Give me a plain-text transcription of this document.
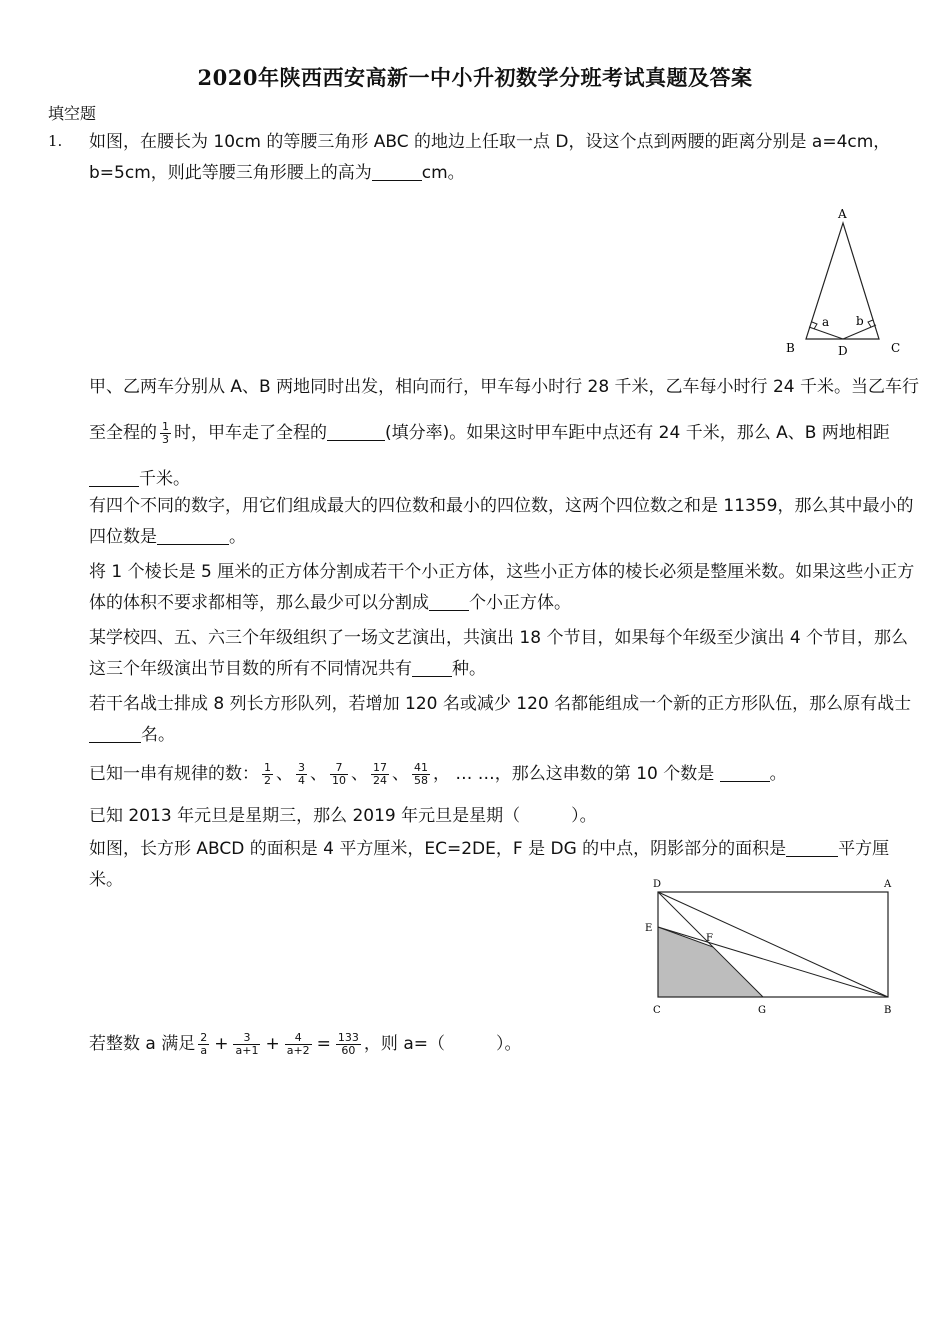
2020年陕西西安高新一中小升初数学分班考试真题及答案
填空题
1. 如图，在腰长为 10cm 的等腰三角形 ABC 的地边上任取一点 D，设这个点到两腰的距离分别是 a=4cm，b=5cm，则此等腰三角形腰上的高为	cm。
A
B	D	C
a b
甲、乙两车分别从 A、B 两地同时出发，相向而行，甲车每小时行 28 千米，乙车每小时行 24 千米。当乙车行至全程的 $\frac{1}{3}$ 时，甲车走了全程的	(填分率)。如果这时甲车距中点还有 24 千米，那么 A、B 两地相距千米。
有四个不同的数字，用它们组成最大的四位数和最小的四位数，这两个四位数之和是 11359，那么其中最小的四位数是	。
将 1 个棱长是 5 厘米的正方体分割成若干个小正方体，这些小正方体的棱长必须是整厘米数。如果这些小正方体的体积不要求都相等，那么最少可以分割成 个小正方体。
某学校四、五、六三个年级组织了一场文艺演出，共演出 18 个节目，如果每个年级至少演出 4 个节目，那么这三个年级演出节目数的所有不同情况共有 种。
若干名战士排成 8 列长方形队列，若增加 120 名或减少 120 名都能组成一个新的正方形队伍，那么原有战士名。
已知一串有规律的数： $\frac{1}{2}$ 、 $\frac{3}{4}$ 、 $\frac{7}{10}$ 、 $\frac{17}{24}$ 、 $\frac{41}{58}$ ， … …，那么这串数的第 10 个数是	。
已知 2013 年元旦是星期三，那么 2019 年元旦是星期（　　　）。
如图，长方形 ABCD 的面积是 4 平方厘米，EC=2DE，F 是 DG 的中点，阴影部分的面积是	平方厘米。	D	A
E
F
C	G	B
若整数 a 满足 $\frac{2}{a} + \frac{3}{a+1} + \frac{4}{a+2} = \frac{133}{60}$ ，则 a=（　　　）。
